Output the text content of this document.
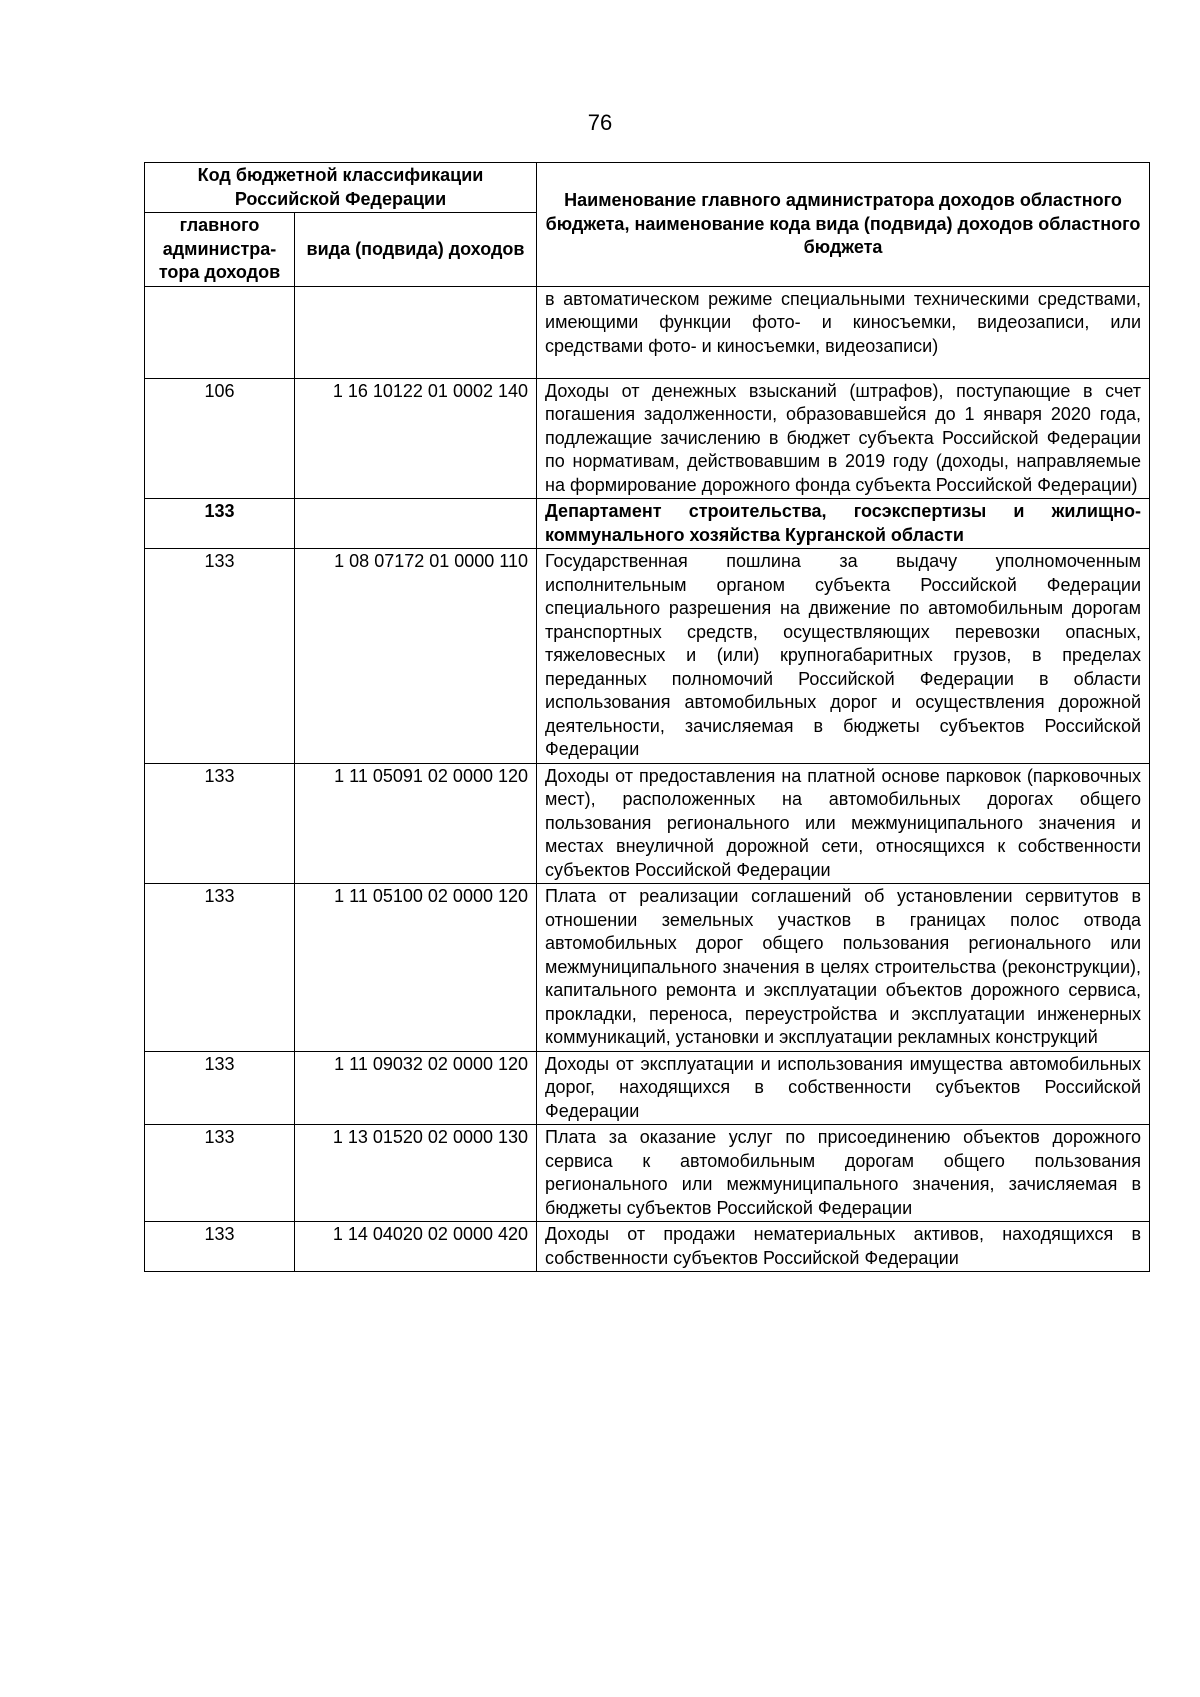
76
Код бюджетной классификации Российской Федерации		Наименование главного администратора доходов областного бюджета, наименование кода вида (подвида) доходов областного бюджета
главного администра-тора доходов	вида (подвида) доходов	
		в автоматическом режиме специальными техническими средствами, имеющими функции фото- и киносъемки, видеозаписи, или средствами фото- и киносъемки, видеозаписи)
106	1 16 10122 01 0002 140	Доходы от денежных взысканий (штрафов), поступающие в счет погашения задолженности, образовавшейся до 1 января 2020 года, подлежащие зачислению в бюджет субъекта Российской Федерации по нормативам, действовавшим в 2019 году (доходы, направляемые на формирование дорожного фонда субъекта Российской Федерации)
133		Департамент строительства, госэкспертизы и жилищно-коммунального хозяйства Курганской области
133	1 08 07172 01 0000 110	Государственная пошлина за выдачу уполномоченным исполнительным органом субъекта Российской Федерации специального разрешения на движение по автомобильным дорогам транспортных средств, осуществляющих перевозки опасных, тяжеловесных и (или) крупногабаритных грузов, в пределах переданных полномочий Российской Федерации в области использования автомобильных дорог и осуществления дорожной деятельности, зачисляемая в бюджеты субъектов Российской Федерации
133	1 11 05091 02 0000 120	Доходы от предоставления на платной основе парковок (парковочных мест), расположенных на автомобильных дорогах общего пользования регионального или межмуниципального значения и местах внеуличной дорожной сети, относящихся к собственности субъектов Российской Федерации
133	1 11 05100 02 0000 120	Плата от реализации соглашений об установлении сервитутов в отношении земельных участков в границах полос отвода автомобильных дорог общего пользования регионального или межмуниципального значения в целях строительства (реконструкции), капитального ремонта и эксплуатации объектов дорожного сервиса, прокладки, переноса, переустройства и эксплуатации инженерных коммуникаций, установки и эксплуатации рекламных конструкций
133	1 11 09032 02 0000 120	Доходы от эксплуатации и использования имущества автомобильных дорог, находящихся в собственности субъектов Российской Федерации
133	1 13 01520 02 0000 130	Плата за оказание услуг по присоединению объектов дорожного сервиса к автомобильным дорогам общего пользования регионального или межмуниципального значения, зачисляемая в бюджеты субъектов Российской Федерации
133	1 14 04020 02 0000 420	Доходы от продажи нематериальных активов, находящихся в собственности субъектов Российской Федерации
